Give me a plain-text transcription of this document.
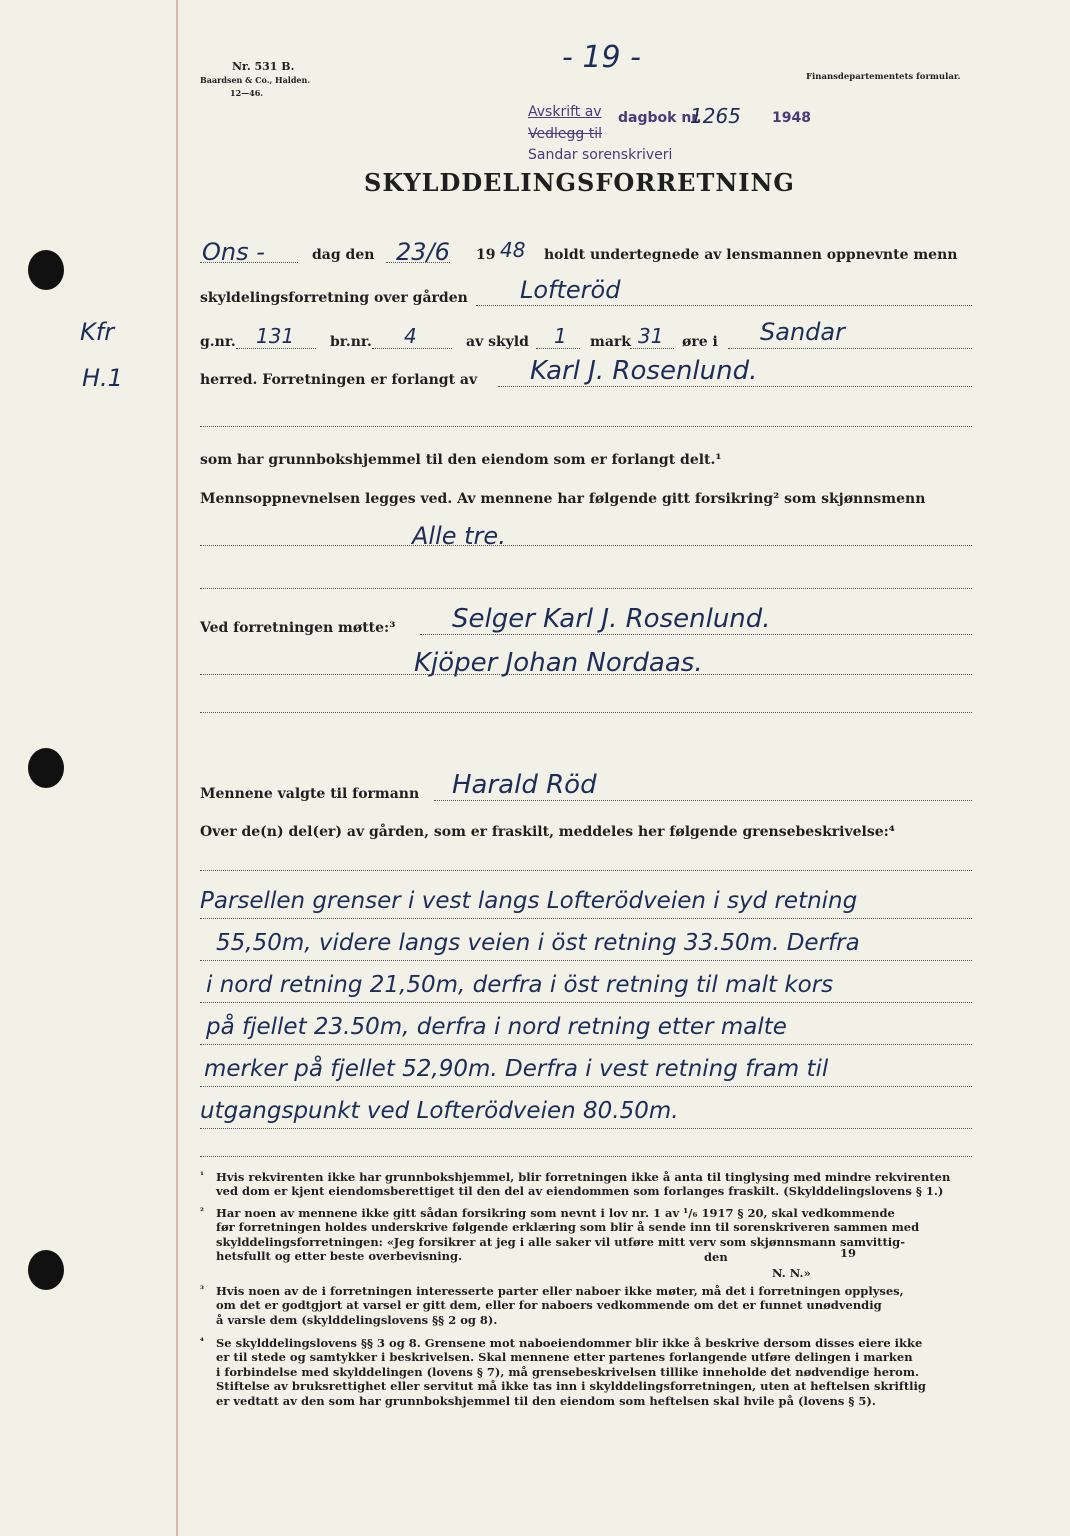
Nr. 531 B.
Baardsen & Co., Halden.
12—46.
Finansdepartementets formular.
- 19 -
Avskrift av dagbok nr.
1265 1948
Vedlegg til
Sandar sorenskriveri
SKYLDDELINGSFORRETNING
Kfr
H.1
Ons -	dag den 23/6 19 48 holdt undertegnede av lensmannen oppnevnte menn
skyldelingsforretning over gården Lofteröd
g.nr. 131	br.nr. 4	av skyld 1 mark 31 øre i Sandar
herred. Forretningen er forlangt av Karl J. Rosenlund.
som har grunnbokshjemmel til den eiendom som er forlangt delt.¹
Mennsoppnevnelsen legges ved. Av mennene har følgende gitt forsikring² som skjønnsmenn
Alle tre.
Ved forretningen møtte:³ Selger Karl J. Rosenlund.
Kjöper Johan Nordaas.
Mennene valgte til formann Harald Röd
Over de(n) del(er) av gården, som er fraskilt, meddeles her følgende grensebeskrivelse:⁴
Parsellen grenser i vest langs Lofterödveien i syd retning
55,50m, videre langs veien i öst retning 33.50m. Derfra
i nord retning 21,50m, derfra i öst retning til malt kors
på fjellet 23.50m, derfra i nord retning etter malte
merker på fjellet 52,90m. Derfra i vest retning fram til
utgangspunkt ved Lofterödveien 80.50m.
¹ Hvis rekvirenten ikke har grunnbokshjemmel, blir forretningen ikke å anta til tinglysing med mindre rekvirenten
ved dom er kjent eiendomsberettiget til den del av eiendommen som forlanges fraskilt. (Skylddelingslovens § 1.)
² Har noen av mennene ikke gitt sådan forsikring som nevnt i lov nr. 1 av ¹/₆ 1917 § 20, skal vedkommende
før forretningen holdes underskrive følgende erklæring som blir å sende inn til sorenskriveren sammen med
skylddelingsforretningen: «Jeg forsikrer at jeg i alle saker vil utføre mitt verv som skjønnsmann samvittig-
hetsfullt og etter beste overbevisning.	den	19
N. N.»
³ Hvis noen av de i forretningen interesserte parter eller naboer ikke møter, må det i forretningen opplyses,
om det er godtgjort at varsel er gitt dem, eller for naboers vedkommende om det er funnet unødvendig
å varsle dem (skylddelingslovens §§ 2 og 8).
⁴ Se skylddelingslovens §§ 3 og 8. Grensene mot naboeiendommer blir ikke å beskrive dersom disses eiere ikke
er til stede og samtykker i beskrivelsen. Skal mennene etter partenes forlangende utføre delingen i marken
i forbindelse med skylddelingen (lovens § 7), må grensebeskrivelsen tillike inneholde det nødvendige herom.
Stiftelse av bruksrettighet eller servitut må ikke tas inn i skylddelingsforretningen, uten at heftelsen skriftlig
er vedtatt av den som har grunnbokshjemmel til den eiendom som heftelsen skal hvile på (lovens § 5).
